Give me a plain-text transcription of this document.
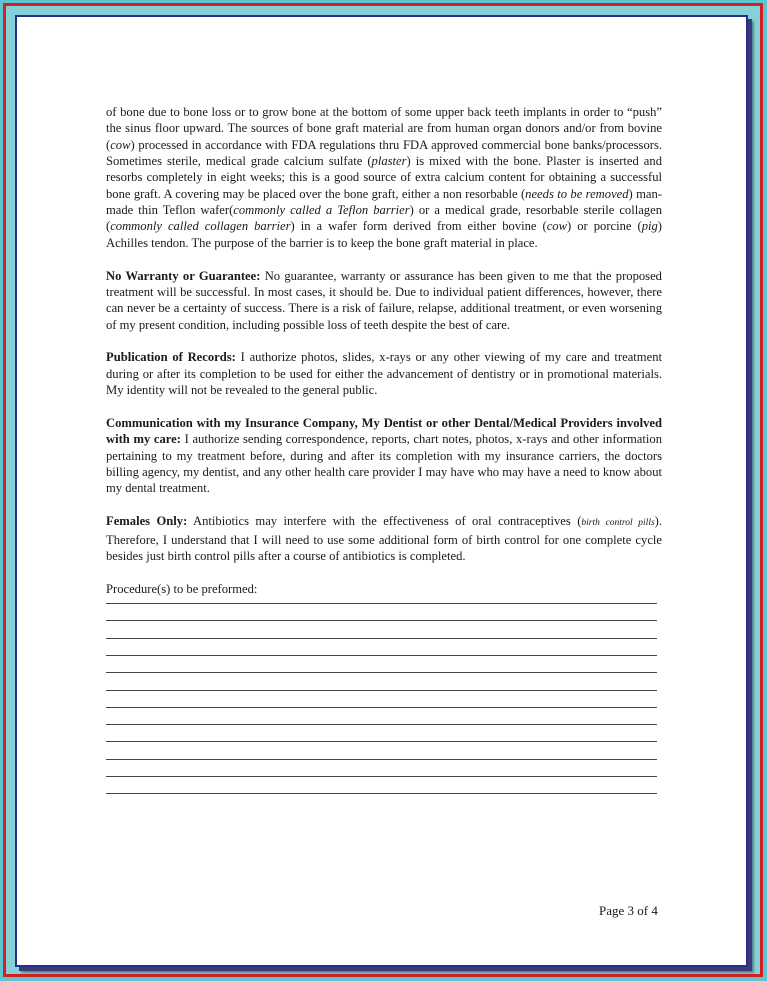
of bone due to bone loss or to grow bone at the bottom of some upper back teeth implants in order to “push” the sinus floor upward. The sources of bone graft material are from human organ donors and/or from bovine (cow) processed in accordance with FDA regulations thru FDA approved commercial bone banks/processors. Sometimes sterile, medical grade calcium sulfate (plaster) is mixed with the bone. Plaster is inserted and resorbs completely in eight weeks; this is a good source of extra calcium content for obtaining a successful bone graft. A covering may be placed over the bone graft, either a non resorbable (needs to be removed) man-made thin Teflon wafer(commonly called a Teflon barrier) or a medical grade, resorbable sterile collagen (commonly called collagen barrier) in a wafer form derived from either bovine (cow) or porcine (pig) Achilles tendon. The purpose of the barrier is to keep the bone graft material in place.

No Warranty or Guarantee: No guarantee, warranty or assurance has been given to me that the proposed treatment will be successful. In most cases, it should be. Due to individual patient differences, however, there can never be a certainty of success. There is a risk of failure, relapse, additional treatment, or even worsening of my present condition, including possible loss of teeth despite the best of care.

Publication of Records: I authorize photos, slides, x-rays or any other viewing of my care and treatment during or after its completion to be used for either the advancement of dentistry or in promotional materials. My identity will not be revealed to the general public.

Communication with my Insurance Company, My Dentist or other Dental/Medical Providers involved with my care: I authorize sending correspondence, reports, chart notes, photos, x-rays and other information pertaining to my treatment before, during and after its completion with my insurance carriers, the doctors billing agency, my dentist, and any other health care provider I may have who may have a need to know about my dental treatment.

Females Only: Antibiotics may interfere with the effectiveness of oral contraceptives (birth control pills). Therefore, I understand that I will need to use some additional form of birth control for one complete cycle besides just birth control pills after a course of antibiotics is completed.

Procedure(s) to be preformed:
Page 3 of 4
